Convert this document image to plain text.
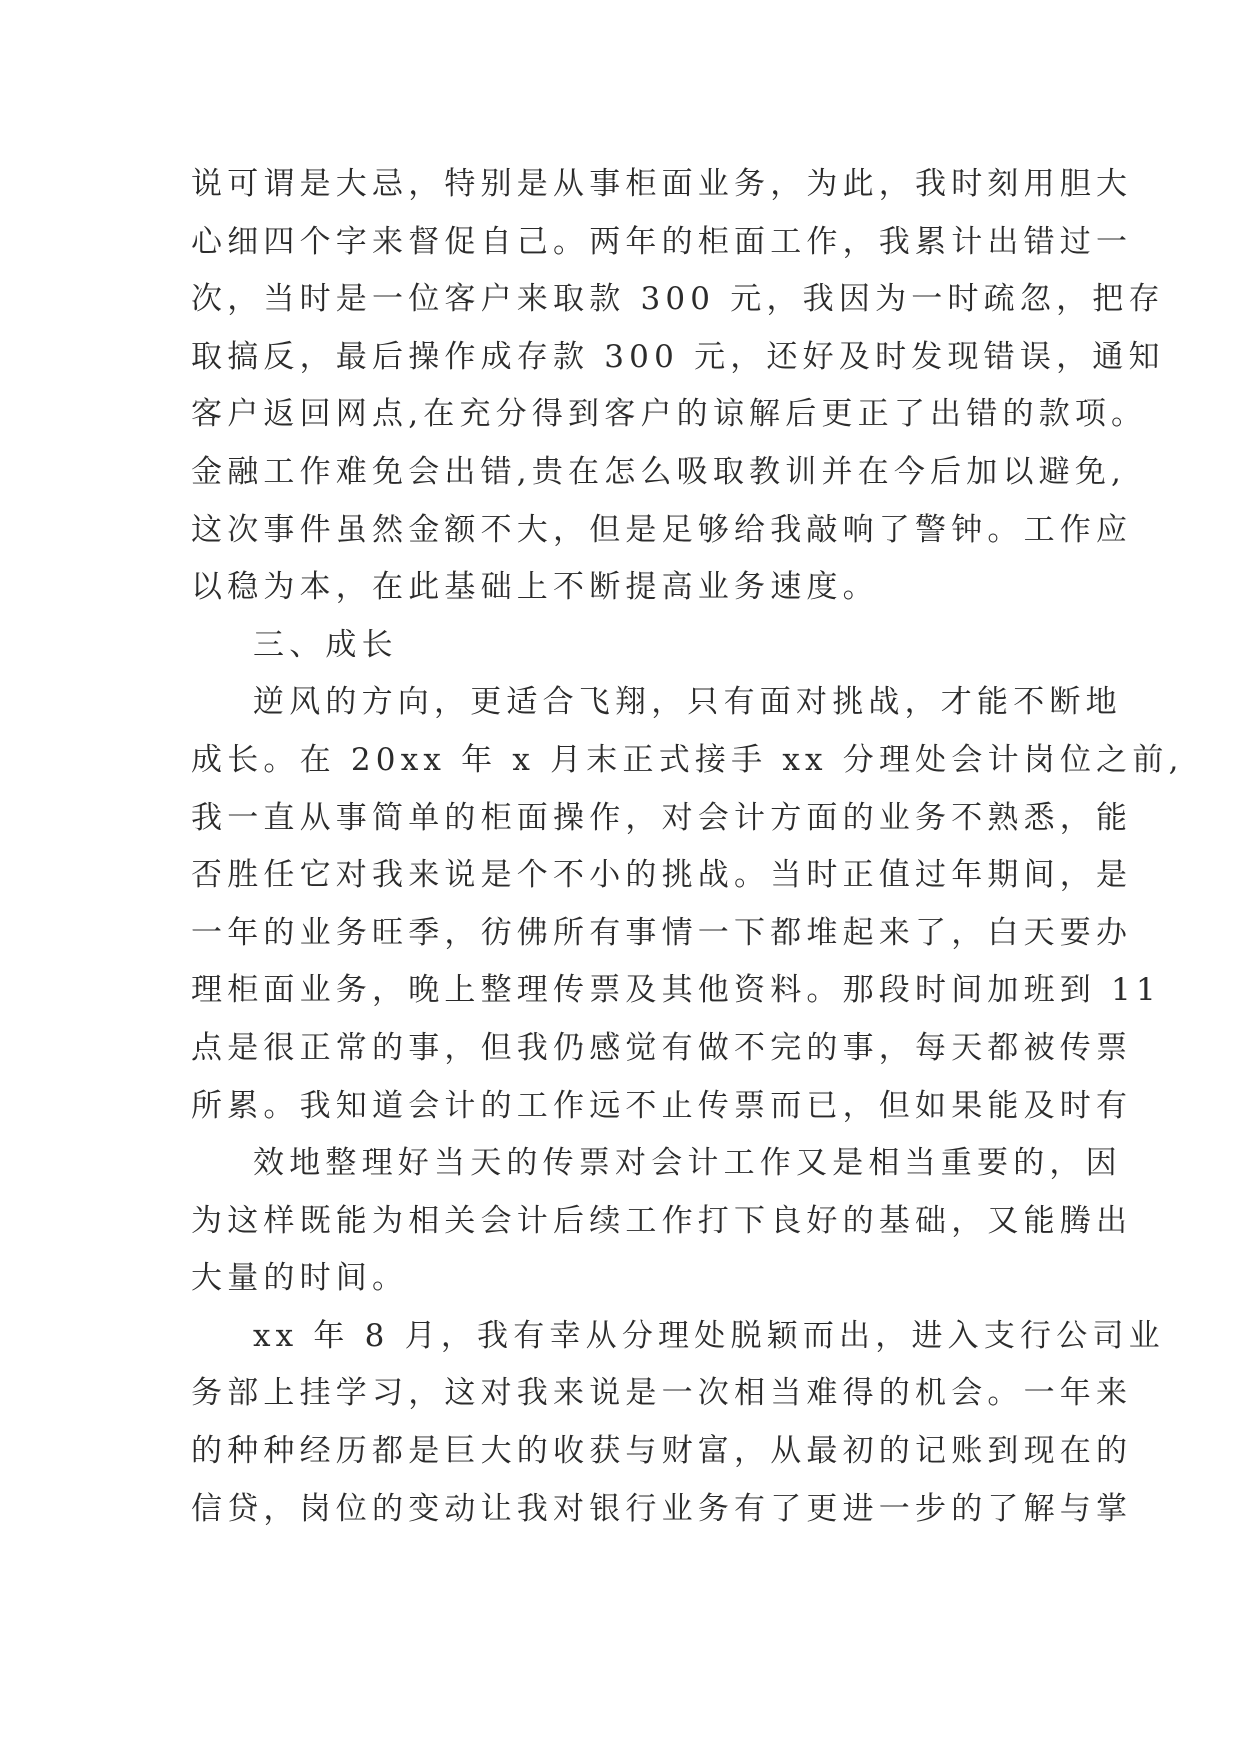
说可谓是大忌，特别是从事柜面业务，为此，我时刻用胆大
心细四个字来督促自己。两年的柜面工作，我累计出错过一
次，当时是一位客户来取款 300 元，我因为一时疏忽，把存
取搞反，最后操作成存款 300 元，还好及时发现错误，通知
客户返回网点,在充分得到客户的谅解后更正了出错的款项。
金融工作难免会出错,贵在怎么吸取教训并在今后加以避免,
这次事件虽然金额不大，但是足够给我敲响了警钟。工作应
以稳为本，在此基础上不断提高业务速度。
三、成长
逆风的方向，更适合飞翔，只有面对挑战，才能不断地
成长。在 20xx 年 x 月末正式接手 xx 分理处会计岗位之前,
我一直从事简单的柜面操作，对会计方面的业务不熟悉，能
否胜任它对我来说是个不小的挑战。当时正值过年期间，是
一年的业务旺季，彷佛所有事情一下都堆起来了，白天要办
理柜面业务，晚上整理传票及其他资料。那段时间加班到 11
点是很正常的事，但我仍感觉有做不完的事，每天都被传票
所累。我知道会计的工作远不止传票而已，但如果能及时有
效地整理好当天的传票对会计工作又是相当重要的，因
为这样既能为相关会计后续工作打下良好的基础，又能腾出
大量的时间。
xx 年 8 月，我有幸从分理处脱颖而出，进入支行公司业
务部上挂学习，这对我来说是一次相当难得的机会。一年来
的种种经历都是巨大的收获与财富，从最初的记账到现在的
信贷，岗位的变动让我对银行业务有了更进一步的了解与掌
